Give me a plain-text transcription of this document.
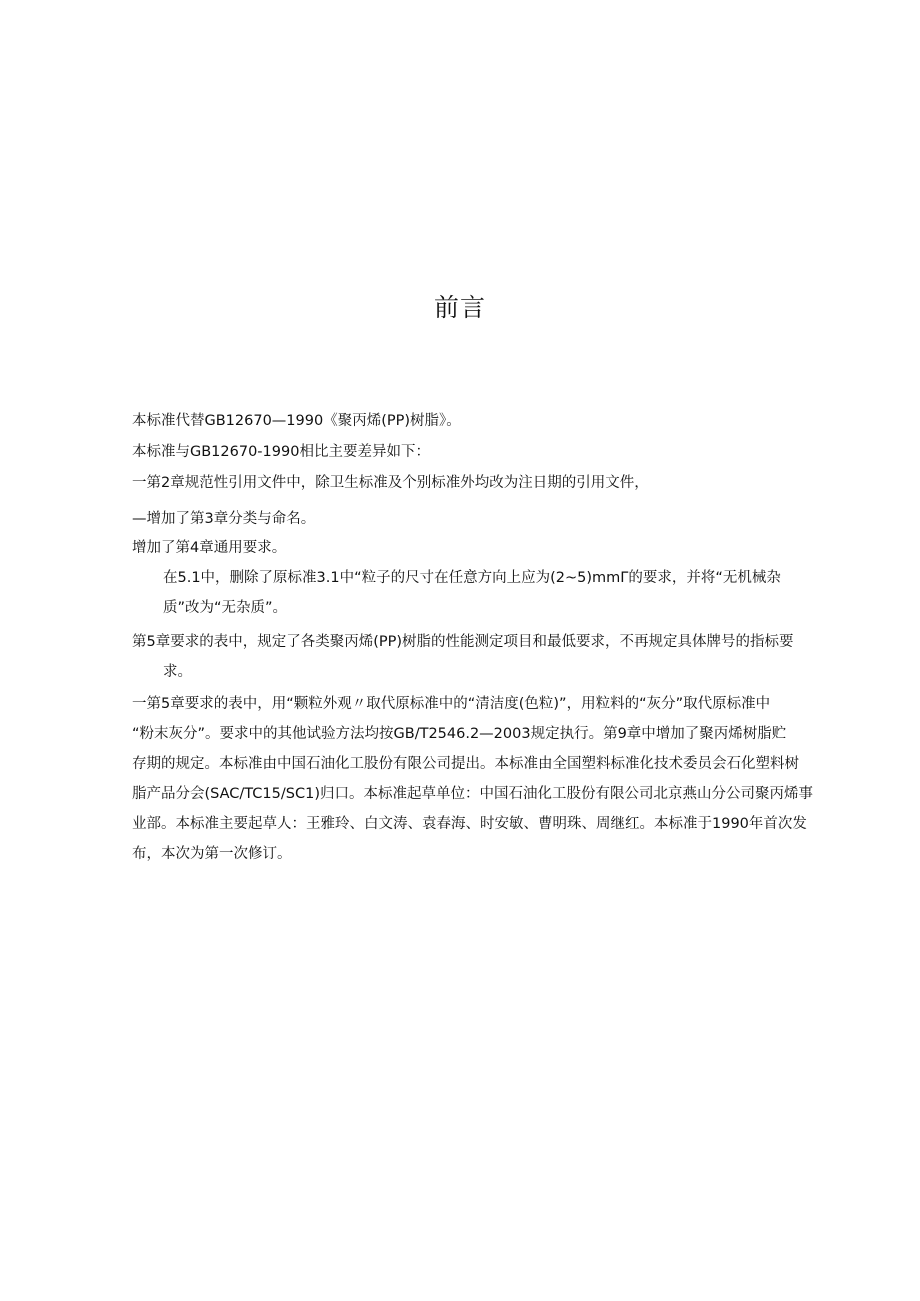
前言

本标准代替GB12670—1990《聚丙烯(PP)树脂》。

本标准与GB12670-1990相比主要差异如下：

一第2章规范性引用文件中，除卫生标准及个别标准外均改为注日期的引用文件，

—增加了第3章分类与命名。

增加了第4章通用要求。

在5.1中，删除了原标准3.1中“粒子的尺寸在任意方向上应为(2~5)mmΓ的要求，并将“无机械杂

质”改为“无杂质”。

第5章要求的表中，规定了各类聚丙烯(PP)树脂的性能测定项目和最低要求，不再规定具体牌号的指标要

求。

一第5章要求的表中，用“颗粒外观〃取代原标准中的“清洁度(色粒)”，用粒料的“灰分”取代原标准中

“粉末灰分”。要求中的其他试验方法均按GB/T2546.2—2003规定执行。第9章中增加了聚丙烯树脂贮

存期的规定。本标准由中国石油化工股份有限公司提出。本标准由全国塑料标准化技术委员会石化塑料树

脂产品分会(SAC/TC15/SC1)归口。本标准起草单位：中国石油化工股份有限公司北京燕山分公司聚丙烯事

业部。本标准主要起草人：王雅玲、白文涛、袁春海、时安敏、曹明珠、周继红。本标准于1990年首次发

布，本次为第一次修订。
